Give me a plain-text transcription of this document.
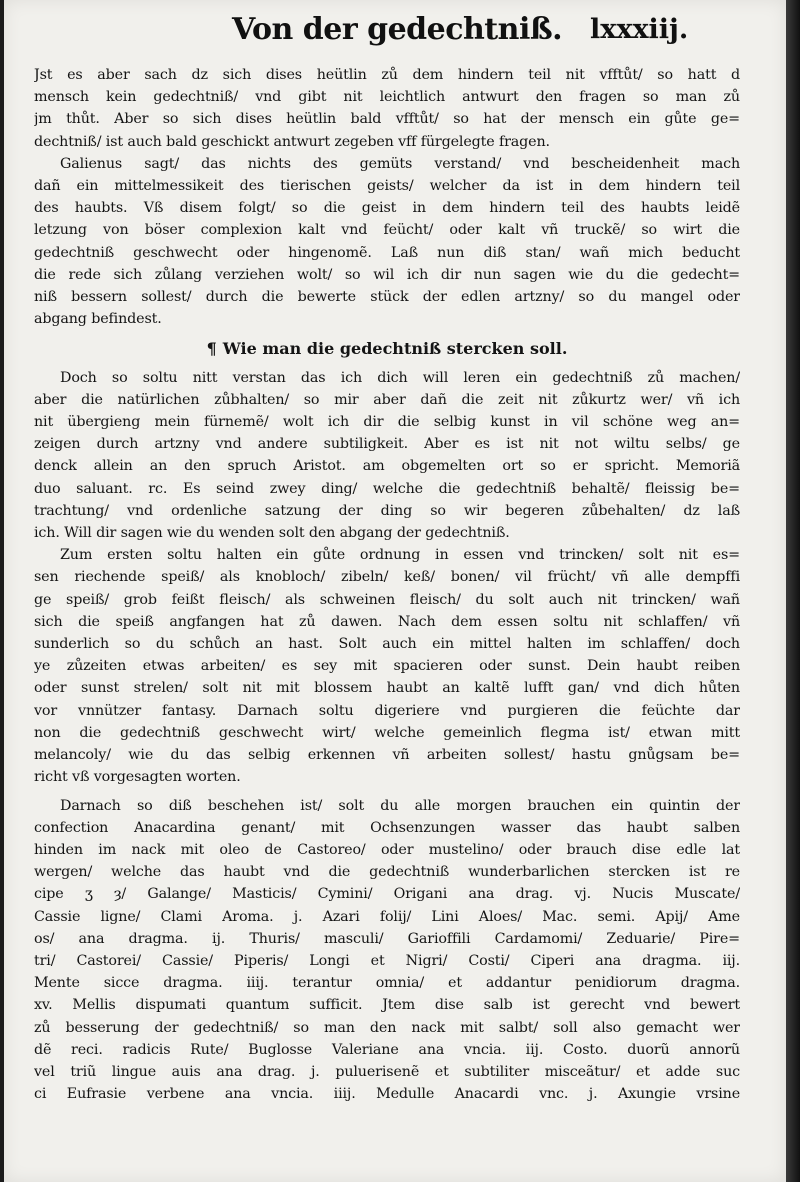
Von der gedechtniß. lxxxiij.
Jst es aber sach dz sich dises heütlin zů dem hindern teil nit vfftůt/ so hatt d
mensch kein gedechtniß/ vnd gibt nit leichtlich antwurt den fragen so man zů
jm thůt. Aber so sich dises heütlin bald vfftůt/ so hat der mensch ein gůte ge=
dechtniß/ ist auch bald geschickt antwurt zegeben vff fürgelegte fragen.
Galienus sagt/ das nichts des gemüts verstand/ vnd bescheidenheit mach
dañ ein mittelmessikeit des tierischen geists/ welcher da ist in dem hindern teil
des haubts. Vß disem folgt/ so die geist in dem hindern teil des haubts leidẽ
letzung von böser complexion kalt vnd feücht/ oder kalt vñ truckẽ/ so wirt die
gedechtniß geschwecht oder hingenomẽ. Laß nun diß stan/ wañ mich beducht
die rede sich zůlang verziehen wolt/ so wil ich dir nun sagen wie du die gedecht=
niß bessern sollest/ durch die bewerte stück der edlen artzny/ so du mangel oder
abgang befindest.
¶ Wie man die gedechtniß stercken soll.
Doch so soltu nitt verstan das ich dich will leren ein gedechtniß zů machen/
aber die natürlichen zůbhalten/ so mir aber dañ die zeit nit zůkurtz wer/ vñ ich
nit übergieng mein fürnemẽ/ wolt ich dir die selbig kunst in vil schöne weg an=
zeigen durch artzny vnd andere subtiligkeit. Aber es ist nit not wiltu selbs/ ge
denck allein an den spruch Aristot. am obgemelten ort so er spricht. Memoriã
duo saluant. rc. Es seind zwey ding/ welche die gedechtniß behaltẽ/ fleissig be=
trachtung/ vnd ordenliche satzung der ding so wir begeren zůbehalten/ dz laß
ich. Will dir sagen wie du wenden solt den abgang der gedechtniß.
Zum ersten soltu halten ein gůte ordnung in essen vnd trincken/ solt nit es=
sen riechende speiß/ als knobloch/ zibeln/ keß/ bonen/ vil frücht/ vñ alle dempffi
ge speiß/ grob feißt fleisch/ als schweinen fleisch/ du solt auch nit trincken/ wañ
sich die speiß angfangen hat zů dawen. Nach dem essen soltu nit schlaffen/ vñ
sunderlich so du schůch an hast. Solt auch ein mittel halten im schlaffen/ doch
ye zůzeiten etwas arbeiten/ es sey mit spacieren oder sunst. Dein haubt reiben
oder sunst strelen/ solt nit mit blossem haubt an kaltẽ lufft gan/ vnd dich hůten
vor vnnützer fantasy. Darnach soltu digeriere vnd purgieren die feüchte dar
non die gedechtniß geschwecht wirt/ welche gemeinlich flegma ist/ etwan mitt
melancoly/ wie du das selbig erkennen vñ arbeiten sollest/ hastu gnůgsam be=
richt vß vorgesagten worten.
Darnach so diß beschehen ist/ solt du alle morgen brauchen ein quintin der
confection Anacardina genant/ mit Ochsenzungen wasser das haubt salben
hinden im nack mit oleo de Castoreo/ oder mustelino/ oder brauch dise edle lat
wergen/ welche das haubt vnd die gedechtniß wunderbarlichen stercken ist re
cipe ʒ ȝ/ Galange/ Masticis/ Cymini/ Origani ana drag. vj. Nucis Muscate/
Cassie ligne/ Clami Aroma. j. Azari folij/ Lini Aloes/ Mac. semi. Apij/ Ame
os/ ana dragma. ij. Thuris/ masculi/ Garioffili Cardamomi/ Zeduarie/ Pire=
tri/ Castorei/ Cassie/ Piperis/ Longi et Nigri/ Costi/ Ciperi ana dragma. iij.
Mente sicce dragma. iiij. terantur omnia/ et addantur penidiorum dragma.
xv. Mellis dispumati quantum sufficit. Jtem dise salb ist gerecht vnd bewert
zů besserung der gedechtniß/ so man den nack mit salbt/ soll also gemacht wer
dẽ reci. radicis Rute/ Buglosse Valeriane ana vncia. iij. Costo. duorũ annorũ
vel triũ lingue auis ana drag. j. puluerisenẽ et subtiliter misceãtur/ et adde suc
ci Eufrasie verbene ana vncia. iiij. Medulle Anacardi vnc. j. Axungie vrsine
